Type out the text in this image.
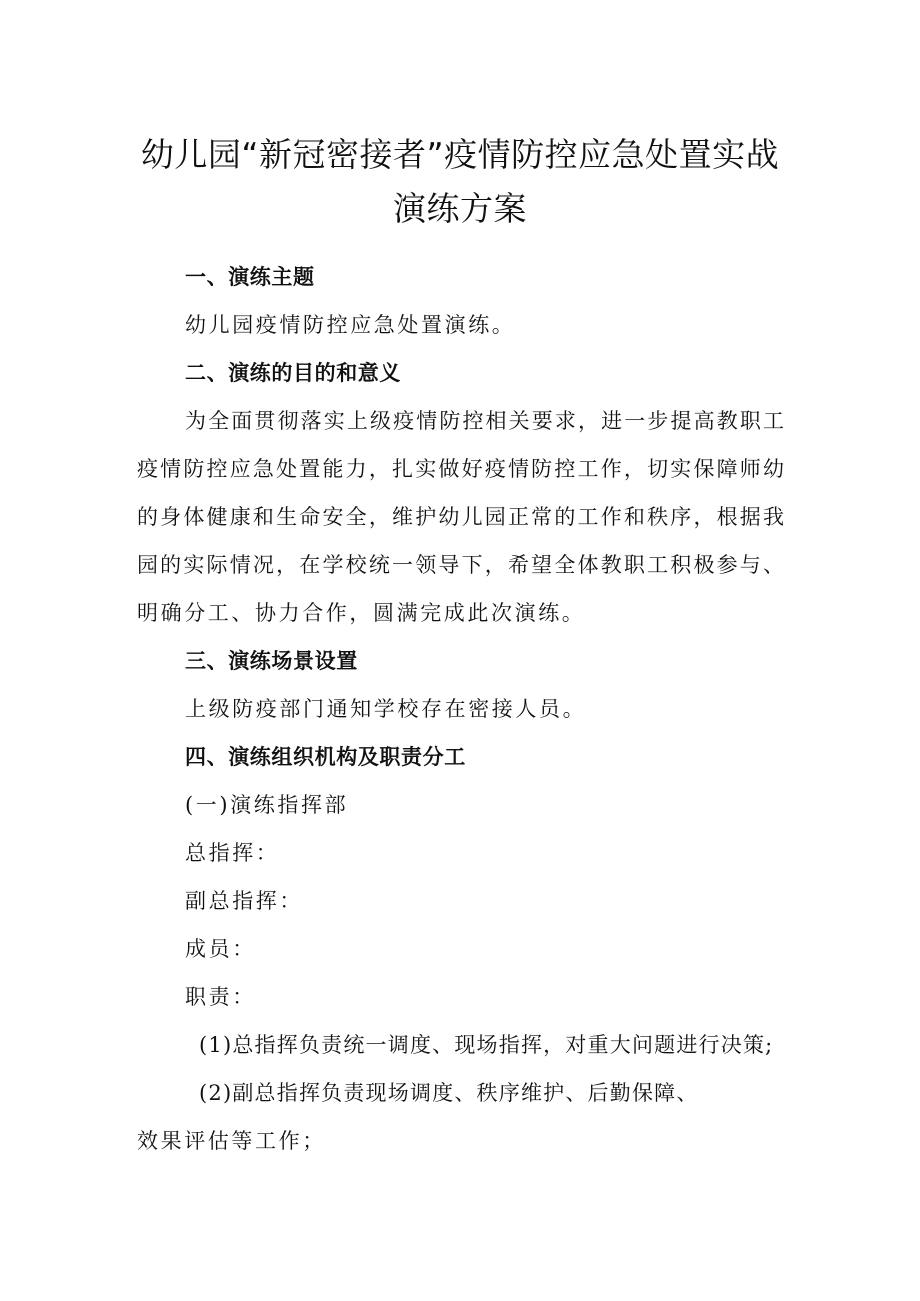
幼儿园“新冠密接者”疫情防控应急处置实战
演练方案
一、演练主题
幼儿园疫情防控应急处置演练。
二、演练的目的和意义
为全面贯彻落实上级疫情防控相关要求，进一步提高教职工
疫情防控应急处置能力，扎实做好疫情防控工作，切实保障师幼
的身体健康和生命安全，维护幼儿园正常的工作和秩序，根据我
园的实际情况，在学校统一领导下，希望全体教职工积极参与、
明确分工、协力合作，圆满完成此次演练。
三、演练场景设置
上级防疫部门通知学校存在密接人员。
四、演练组织机构及职责分工
(一)演练指挥部
总指挥：
副总指挥：
成员：
职责：
(1)总指挥负责统一调度、现场指挥，对重大问题进行决策;
(2)副总指挥负责现场调度、秩序维护、后勤保障、
效果评估等工作；
